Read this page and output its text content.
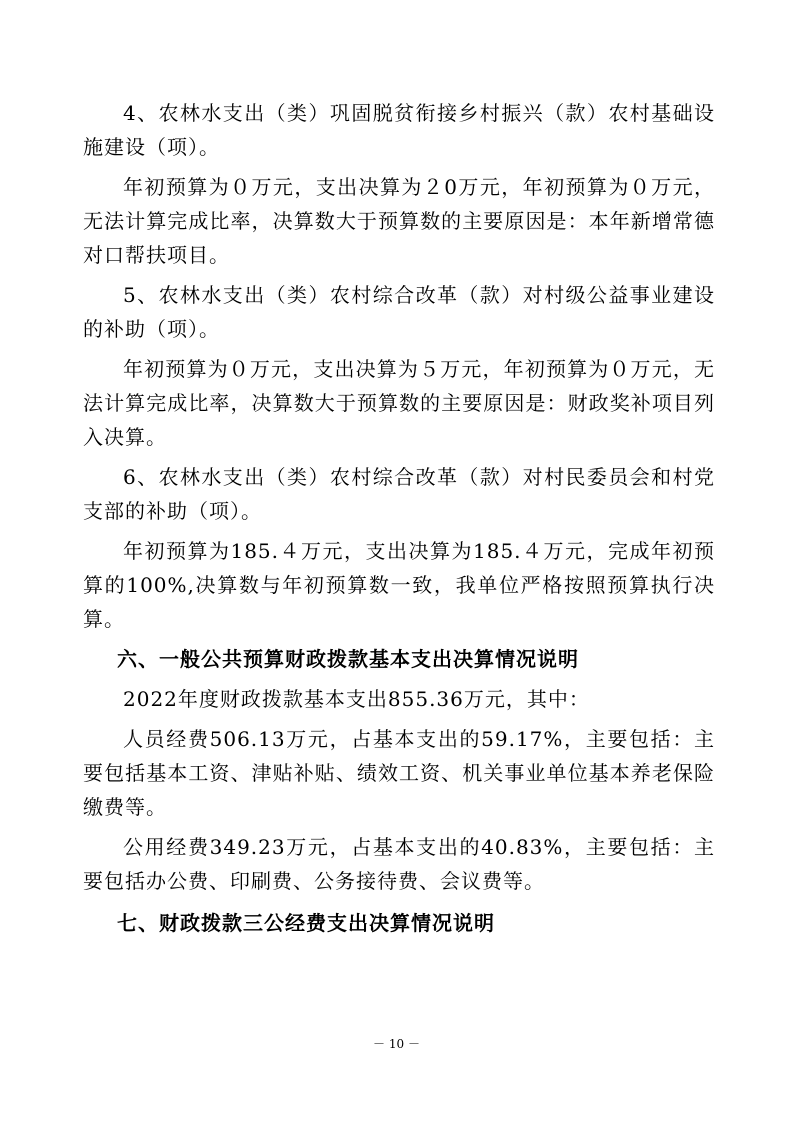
4、农林水支出（类）巩固脱贫衔接乡村振兴（款）农村基础设施建设（项）。

年初预算为０万元，支出决算为２0万元，年初预算为０万元，无法计算完成比率，决算数大于预算数的主要原因是：本年新增常德对口帮扶项目。

5、农林水支出（类）农村综合改革（款）对村级公益事业建设的补助（项）。

年初预算为０万元，支出决算为５万元，年初预算为０万元，无法计算完成比率，决算数大于预算数的主要原因是：财政奖补项目列入决算。

6、农林水支出（类）农村综合改革（款）对村民委员会和村党支部的补助（项）。

年初预算为185.４万元，支出决算为185.４万元，完成年初预算的100%,决算数与年初预算数一致，我单位严格按照预算执行决算。

六、一般公共预算财政拨款基本支出决算情况说明

2022年度财政拨款基本支出855.36万元，其中：

人员经费506.13万元，占基本支出的59.17%，主要包括：主要包括基本工资、津贴补贴、绩效工资、机关事业单位基本养老保险缴费等。

公用经费349.23万元，占基本支出的40.83%，主要包括：主要包括办公费、印刷费、公务接待费、会议费等。

七、财政拨款三公经费支出决算情况说明

－ 10 －
